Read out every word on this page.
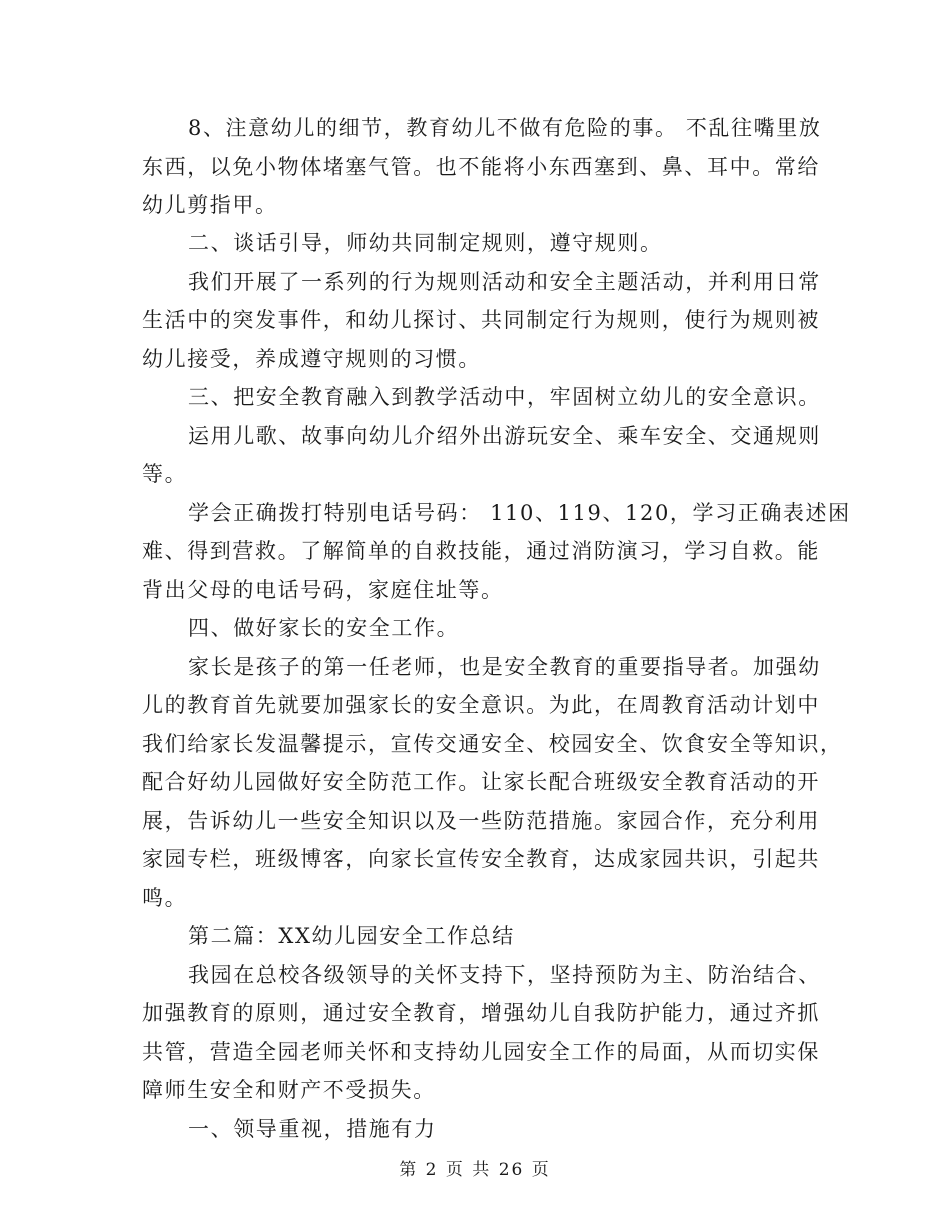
8、注意幼儿的细节，教育幼儿不做有危险的事。 不乱往嘴里放
东西，以免小物体堵塞气管。也不能将小东西塞到、鼻、耳中。常给
幼儿剪指甲。
二、谈话引导，师幼共同制定规则，遵守规则。
我们开展了一系列的行为规则活动和安全主题活动，并利用日常
生活中的突发事件，和幼儿探讨、共同制定行为规则，使行为规则被
幼儿接受，养成遵守规则的习惯。
三、把安全教育融入到教学活动中，牢固树立幼儿的安全意识。
运用儿歌、故事向幼儿介绍外出游玩安全、乘车安全、交通规则
等。
学会正确拨打特别电话号码： 110、119、120，学习正确表述困
难、得到营救。了解简单的自救技能，通过消防演习，学习自救。能
背出父母的电话号码，家庭住址等。
四、做好家长的安全工作。
家长是孩子的第一任老师，也是安全教育的重要指导者。加强幼
儿的教育首先就要加强家长的安全意识。为此，在周教育活动计划中
我们给家长发温馨提示，宣传交通安全、校园安全、饮食安全等知识，
配合好幼儿园做好安全防范工作。让家长配合班级安全教育活动的开
展，告诉幼儿一些安全知识以及一些防范措施。家园合作，充分利用
家园专栏，班级博客，向家长宣传安全教育，达成家园共识，引起共
鸣。
第二篇：XX幼儿园安全工作总结
我园在总校各级领导的关怀支持下，坚持预防为主、防治结合、
加强教育的原则，通过安全教育，增强幼儿自我防护能力，通过齐抓
共管，营造全园老师关怀和支持幼儿园安全工作的局面，从而切实保
障师生安全和财产不受损失。
一、领导重视，措施有力
第 2 页 共 26 页
